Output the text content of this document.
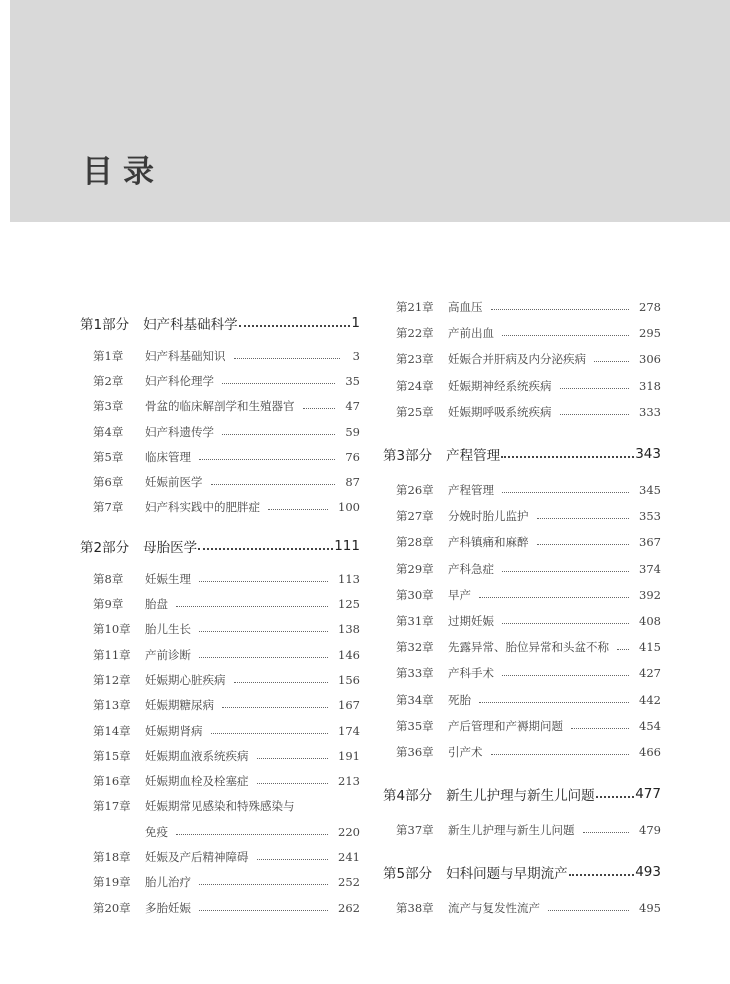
目录
第1部分 妇产科基础科学	1
第1章	妇产科基础知识	3
第2章	妇产科伦理学	35
第3章	骨盆的临床解剖学和生殖器官	47
第4章	妇产科遗传学	59
第5章	临床管理	76
第6章	妊娠前医学	87
第7章	妇产科实践中的肥胖症	100
第2部分 母胎医学	111
第8章	妊娠生理	113
第9章	胎盘	125
第10章	胎儿生长	138
第11章	产前诊断	146
第12章	妊娠期心脏疾病	156
第13章	妊娠期糖尿病	167
第14章	妊娠期肾病	174
第15章	妊娠期血液系统疾病	191
第16章	妊娠期血栓及栓塞症	213
第17章	妊娠期常见感染和特殊感染与
免疫	220
第18章	妊娠及产后精神障碍	241
第19章	胎儿治疗	252
第20章	多胎妊娠	262
第21章	高血压	278
第22章	产前出血	295
第23章	妊娠合并肝病及内分泌疾病	306
第24章	妊娠期神经系统疾病	318
第25章	妊娠期呼吸系统疾病	333
第3部分 产程管理	343
第26章	产程管理	345
第27章	分娩时胎儿监护	353
第28章	产科镇痛和麻醉	367
第29章	产科急症	374
第30章	早产	392
第31章	过期妊娠	408
第32章	先露异常、胎位异常和头盆不称	415
第33章	产科手术	427
第34章	死胎	442
第35章	产后管理和产褥期问题	454
第36章	引产术	466
第4部分 新生儿护理与新生儿问题	477
第37章	新生儿护理与新生儿问题	479
第5部分 妇科问题与早期流产	493
第38章	流产与复发性流产	495
